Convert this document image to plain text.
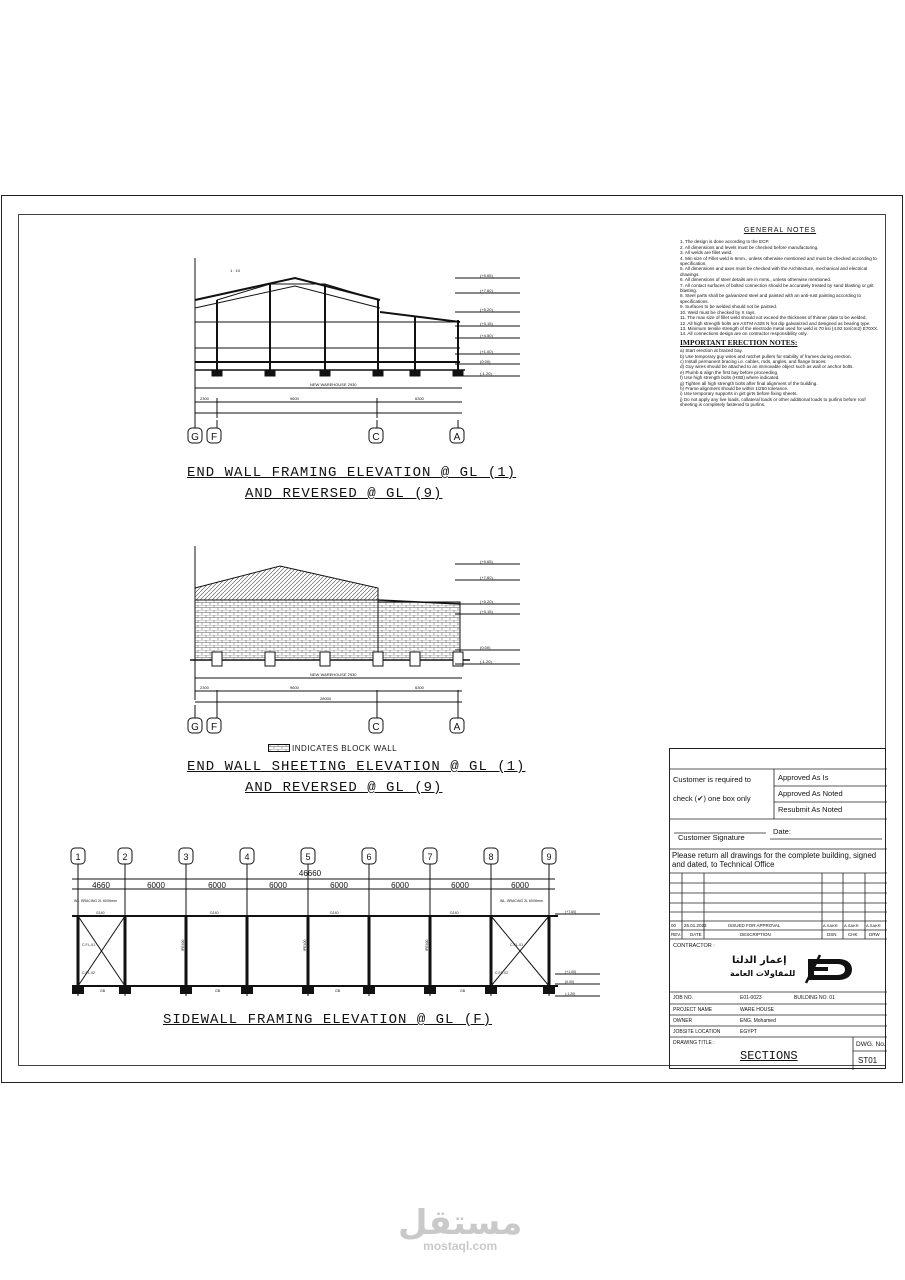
1 : 10
(+9.65)
(+7.60)
(+5.20)
(+3.15)
(+4.50)
(+1.00)
(0.00)
(-1.20)
NEW WAREHOUSE 2930
2300	9600	6300
G F	C	A
END WALL FRAMING ELEVATION @ GL (1)
AND REVERSED @ GL (9)
(+9.65)
(+7.60)
(+5.20)
(+3.15)
(0.00)
(-1.20)
NEW WAREHOUSE 2930
2300	9600	6300
28000
G F	C	A
INDICATES BLOCK WALL
END WALL SHEETING ELEVATION @ GL (1)
AND REVERSED @ GL (9)
1	2	3	4	5	6	7	8	9
46660
4660	6000	6000	6000	6000	6000	6000	6000
WL. BRACING 2L 60X6mm	WL. BRACING 2L 60X6mm
G140	G140	G140	G140
C.F.L.01
C.F.L.02
C.F.L.01
C.F.L.02
GB	GB	GB	GB
(+7.60)
(+1.00)
(0.00)
(-1.20)
IPE400	IPE400	IPE400
SIDEWALL FRAMING ELEVATION @ GL (F)
GENERAL NOTES
1. The design is done according to the ECP.
2. All dimensions and levels must be checked before manufacturing.
3. All welds are fillet weld.
4. Min size of Fillet weld is 6mm., unless otherwise mentioned and must be checked according to specification.
5. All dimensions and axes must be checked with the Architecture, mechanical and electrical drawings.
6. All dimensions of steel details are in mms., unless otherwise mentioned.
7. All contact surfaces of bolted connection should be accurately treated by sand blasting or grit blasting.
8. Steel parts shall be galvanized steel and painted with an anti-rust painting according to specifications.
9. Surfaces to be welded should not be painted.
10. Weld must be checked by X rays.
11. The max size of fillet weld should not exceed the thickness of thinner plate to be welded.
12. All high strength bolts are ASTM A325 N hot dip galvanized and designed as bearing type.
13. Minimum tensile strength of the electrode metal used for weld is 70 ksi (4.92 ton/cm2) E70XX.
14. All connections design are on contractor responsibility only.
IMPORTANT ERECTION NOTES:
a) Start erection at braced bay.
b) Use temporary guy wires and ratchet pullers for stability of frames during erection.
c) Install permanent bracing i.e. cables, rods, angles, and flange braces.
d) Guy wires should be attached to an immovable object such as wall or anchor bolts.
e) Plumb & align the first bay before proceeding.
f) Use high strength bolts (HSB) where indicated.
g) Tighten all high strength bolts after final alignment of the building.
h) Frame alignment should be within 1/250 tolerance.
i) Use temporary supports in girt girts before fixing sheets.
j) Do not apply any live loads, collateral loads or other additional loads to purlins before roof sheeting is completely fastened to purlins.
Customer is required to
check (✔) one box only
Approved As Is
Approved As Noted
Resubmit As Noted
Customer Signature
Date:
Please return all drawings for the complete building, signed and dated, to Technical Office
00 25.01.2023	ISSUED FOR APPROVAL	A.SAKR A.SAKR A.SAKR
REV. DATE	DESCRIPTION	DSN	CHK	DRW
CONTRACTOR :
إعمار الدلتا
للمقاولات العامة
JOB NO.	E01-0023	BUILDING NO. 01
PROJECT NAME	WARE HOUSE
OWNER	ENG. Mohamed
JOBSITE LOCATION	EGYPT
DRAWING TITLE :
SECTIONS
DWG. No.
ST01
مستقل
mostaql.com
